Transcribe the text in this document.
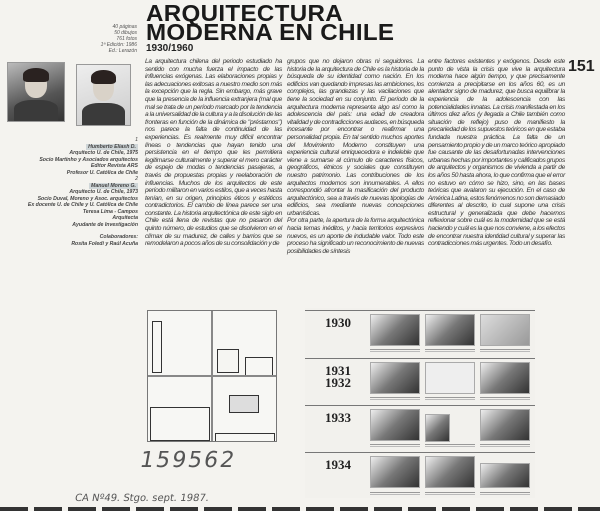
ARQUITECTURA
MODERNA EN CHILE
1930/1960
151
40 páginas
50 dibujos
761 fotos
1ª Edición: 1986
Ed.: Lerazón
1
Humberto Eliash D.
Arquitecto U. de Chile, 1975
Socio Martinho y Asociados arquitectos
Editor Revista ARS
Profesor U. Católica de Chile
2
Manuel Moreno G.
Arquitecto U. de Chile, 1973
Socio Duval, Moreno y Asoc. arquitectos
Ex docente U. de Chile y U. Católica de Chile
Teresa Lima - Campos
Arquitecta
Ayudante de Investigación
Colaboradores:
Rosita Foledi y Raúl Acuña

La arquitectura chilena del periodo estudiado ha sentido con mucha fuerza el impacto de las influencias exógenas. Las elaboraciones propias y las adecuaciones exitosas a nuestro medio son más la excepción que la regla. Sin embargo, más grave que la presencia de la influencia extranjera (mal que mal se trata de un período marcado por la tendencia a la universalidad de la cultura y a la disolución de las fronteras en función de la dinámica de "préstamos") nos parece la falta de continuidad de las experiencias. Es realmente muy difícil encontrar líneas o tendencias que hayan tenido una persistencia en el tiempo que les permitiera legitimarse culturalmente y superar el mero carácter de espejo de modas o tendencias pasajeras, a través de propuestas propias y reelaboración de influencias. Muchos de los arquitectos de este período militaron en varios estilos, que a veces hasta tenían, en su origen, principios éticos y estéticos contradictorios. El cambio de línea parece ser una constante. La historia arquitectónica de este siglo en Chile está llena de revistas que no pasaron del quinto número, de estudios que se disolvieron en el clímax de su madurez, de calles y barrios que se remodelaron a pocos años de su consolidación y de

grupos que no dejaron obras ni seguidores. La historia de la arquitectura de Chile es la historia de la búsqueda de su identidad como nación. En los edificios van quedando impresas las ambiciones, los complejos, las grandezas y las vacilaciones que tiene la sociedad en su conjunto. El período de la arquitectura moderna representa algo así como la adolescencia del país: una edad de creadora vitalidad y de contradicciones audaces, en búsqueda incesante por encontrar o reafirmar una personalidad propia. En tal sentido muchos aportes del Movimiento Moderno constituyen una experiencia cultural enriquecedora e indeleble que viene a sumarse al cúmulo de caracteres físicos, geográficos, étnicos y sociales que constituyen nuestro patrimonio. Las contribuciones de los arquitectos modernos son innumerables. A ellos correspondió afrontar la masificación del producto arquitectónico, sea a través de nuevas tipologías de edificios, sea mediante nuevas concepciones urbanísticas.

Por otra parte, la apertura de la forma arquitectónica hacia temas inéditos, y hacia territorios expresivos nuevos, es un aporte de indudable valor. Todo este proceso ha significado un reconocimiento de nuevas posibilidades de síntesis

entre factores existentes y exógenos. Desde este punto de vista la crisis que vive la arquitectura moderna hace algún tiempo, y que precisamente comienza a precipitarse en los años 60, es un alentador signo de madurez, que busca equilibrar la experiencia de la adolescencia con las potencialidades innatas. La crisis manifestada en los últimos diez años (y llegada a Chile también como situación de reflejo) puso de manifiesto la precariedad de los supuestos teóricos en que estaba fundada nuestra práctica. La falta de un pensamiento propio y de un marco teórico apropiado fue causante de las desafortunadas intervenciones urbanas hechas por importantes y calificados grupos de arquitectos y organismos de vivienda a partir de los años 50 hasta ahora, lo que confirma que el error no estuvo en cómo se hizo, sino, en las bases teóricas que avalaron su ejecución. En el caso de América Latina, estos fenómenos no son demasiado diferentes al descrito, lo cual supone una crisis estructural y generalizada que debe hacernos reflexionar sobre cuál es la modernidad que se está haciendo y cuál es la que nos conviene, a los efectos de encontrar nuestra identidad cultural y superar las contradicciones más urgentes. Todo un desafío.

1930
1931
1932
1933
1934
159562
CA Nº49. Stgo. sept. 1987.
